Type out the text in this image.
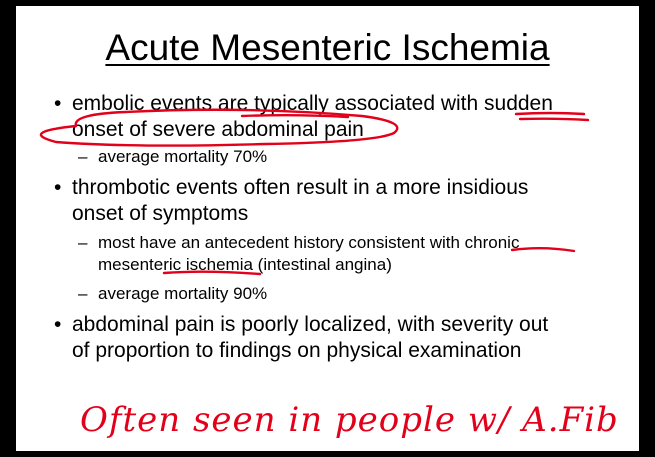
Acute Mesenteric Ischemia
• embolic events are typically associated with sudden
onset of severe abdominal pain
– average mortality 70%
• thrombotic events often result in a more insidious
onset of symptoms
– most have an antecedent history consistent with chronic
mesenteric ischemia (intestinal angina)
– average mortality 90%
• abdominal pain is poorly localized, with severity out
of proportion to findings on physical examination
Often seen in people w/ A.Fib
